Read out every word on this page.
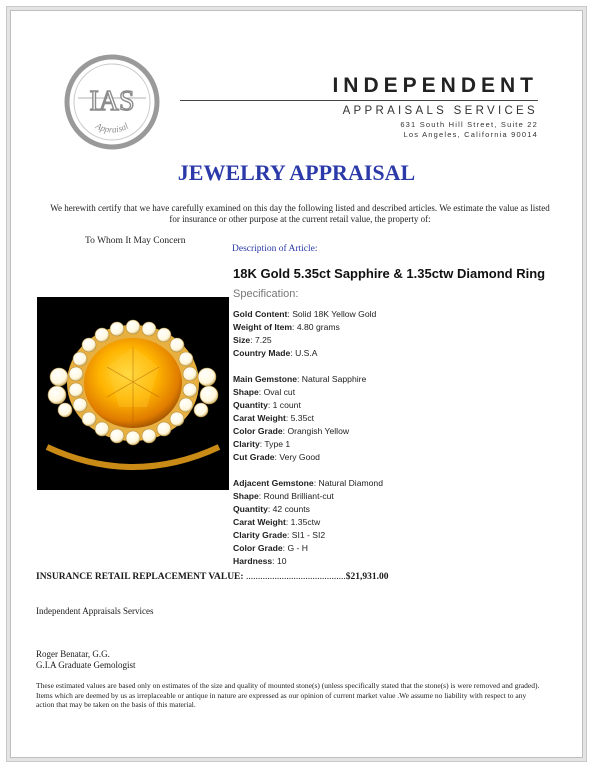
IAS
Appraisal
INDEPENDENT
APPRAISALS SERVICES
631 South Hill Street, Suite 22
Los Angeles, California 90014
JEWELRY APPRAISAL
We herewith certify that we have carefully examined on this day the following listed and described articles. We estimate the value as listed for insurance or other purpose at the current retail value, the property of:
To Whom It May Concern
Description of Article:
18K Gold 5.35ct Sapphire & 1.35ctw Diamond Ring
Specification:
Gold Content: Solid 18K Yellow Gold
Weight of Item: 4.80 grams
Size: 7.25
Country Made: U.S.A
Main Gemstone: Natural Sapphire
Shape: Oval cut
Quantity: 1 count
Carat Weight: 5.35ct
Color Grade: Orangish Yellow
Clarity: Type 1
Cut Grade: Very Good
Adjacent Gemstone: Natural Diamond
Shape: Round Brilliant-cut
Quantity: 42 counts
Carat Weight: 1.35ctw
Clarity Grade: SI1 - SI2
Color Grade: G - H
Hardness: 10
INSURANCE RETAIL REPLACEMENT VALUE: ..........................................$21,931.00
Independent Appraisals Services
Roger Benatar, G.G.
G.I.A Graduate Gemologist
These estimated values are based only on estimates of the size and quality of mounted stone(s) (unless specifically stated that the stone(s) is were removed and graded). Items which are deemed by us as irreplaceable or antique in nature are expressed as our opinion of current market value .We assume no liability with respect to any action that may be taken on the basis of this material.
